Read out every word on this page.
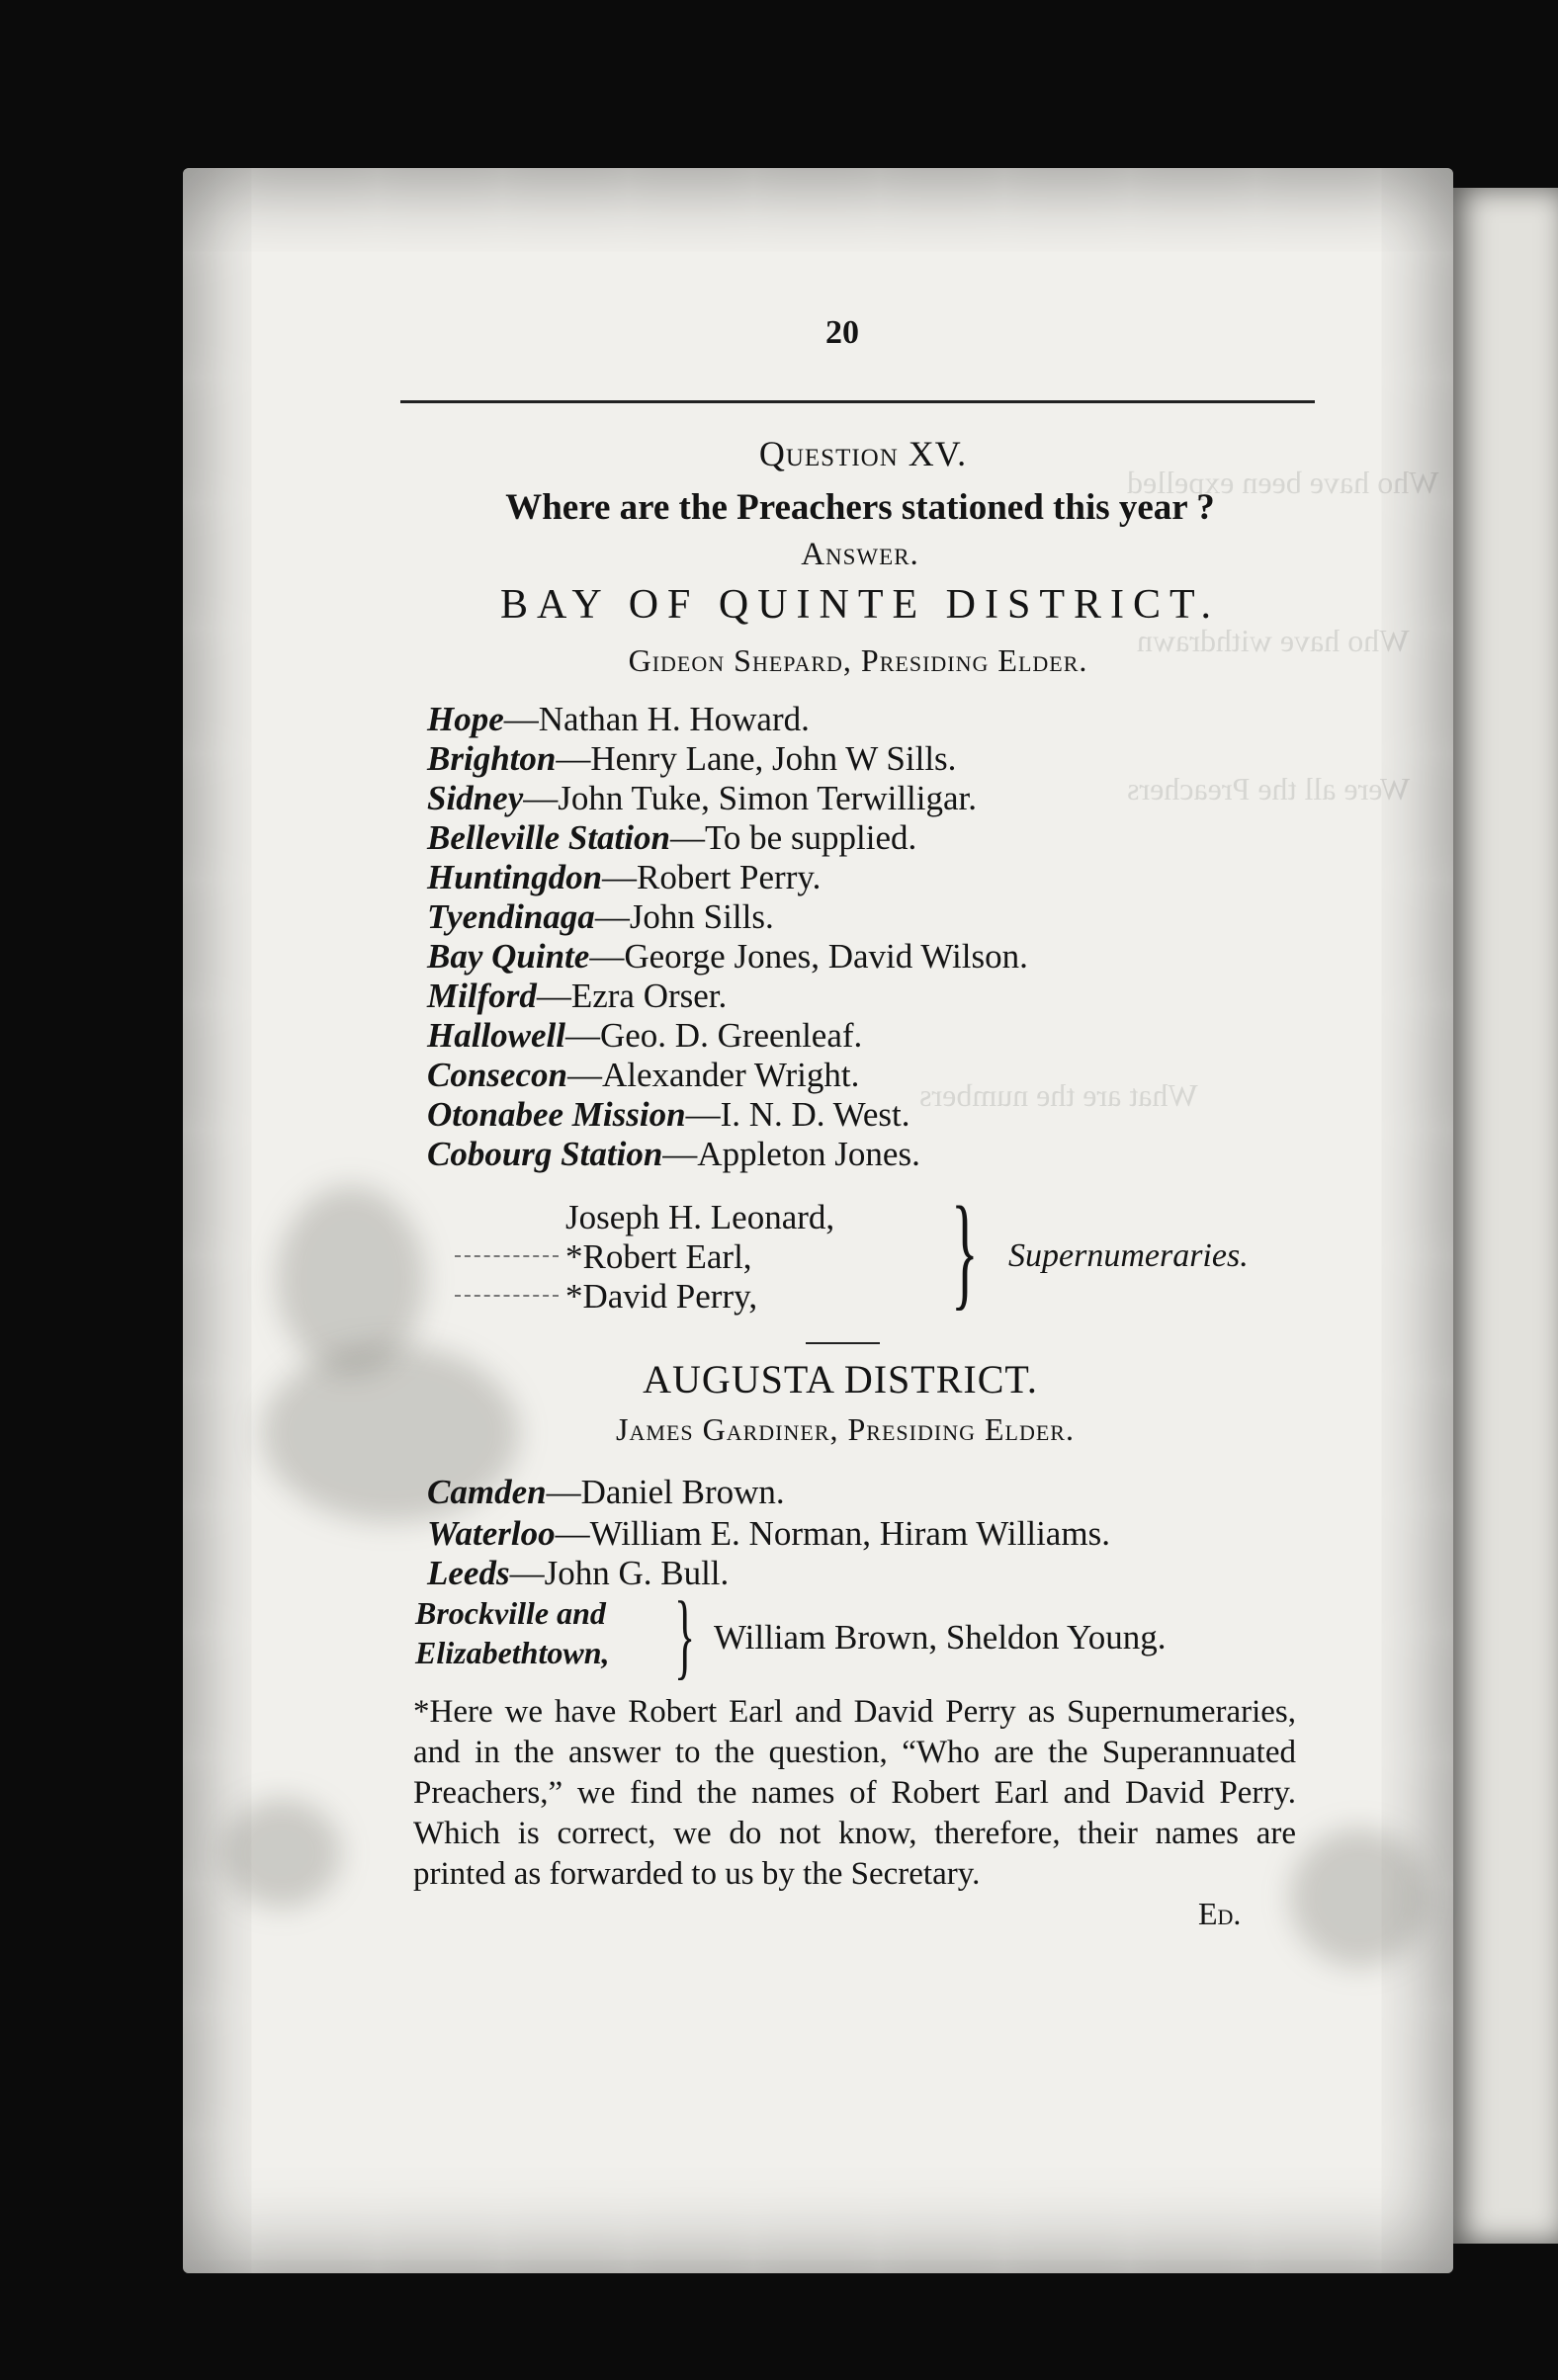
Who have been expelled
Who have withdrawn
Were all the Preachers
What are the numbers
20
Question XV.
Where are the Preachers stationed this year ?
Answer.
BAY OF QUINTE DISTRICT.
Gideon Shepard, Presiding Elder.
Hope—Nathan H. Howard.
Brighton—Henry Lane, John W Sills.
Sidney—John Tuke, Simon Terwilligar.
Belleville Station—To be supplied.
Huntingdon—Robert Perry.
Tyendinaga—John Sills.
Bay Quinte—George Jones, David Wilson.
Milford—Ezra Orser.
Hallowell—Geo. D. Greenleaf.
Consecon—Alexander Wright.
Otonabee Mission—I. N. D. West.
Cobourg Station—Appleton Jones.
Joseph H. Leonard,
*Robert Earl,
*David Perry,	} Supernumeraries.
AUGUSTA DISTRICT.
James Gardiner, Presiding Elder.
Camden—Daniel Brown.
Waterloo—William E. Norman, Hiram Williams.
Leeds—John G. Bull.
Brockville and
Elizabethtown, } William Brown, Sheldon Young.
*Here we have Robert Earl and David Perry as Supernumeraries, and in the answer to the question, “Who are the Superannuated Preachers,” we find the names of Robert Earl and David Perry. Which is correct, we do not know, therefore, their names are printed as forwarded to us by the Secretary.
Ed.
